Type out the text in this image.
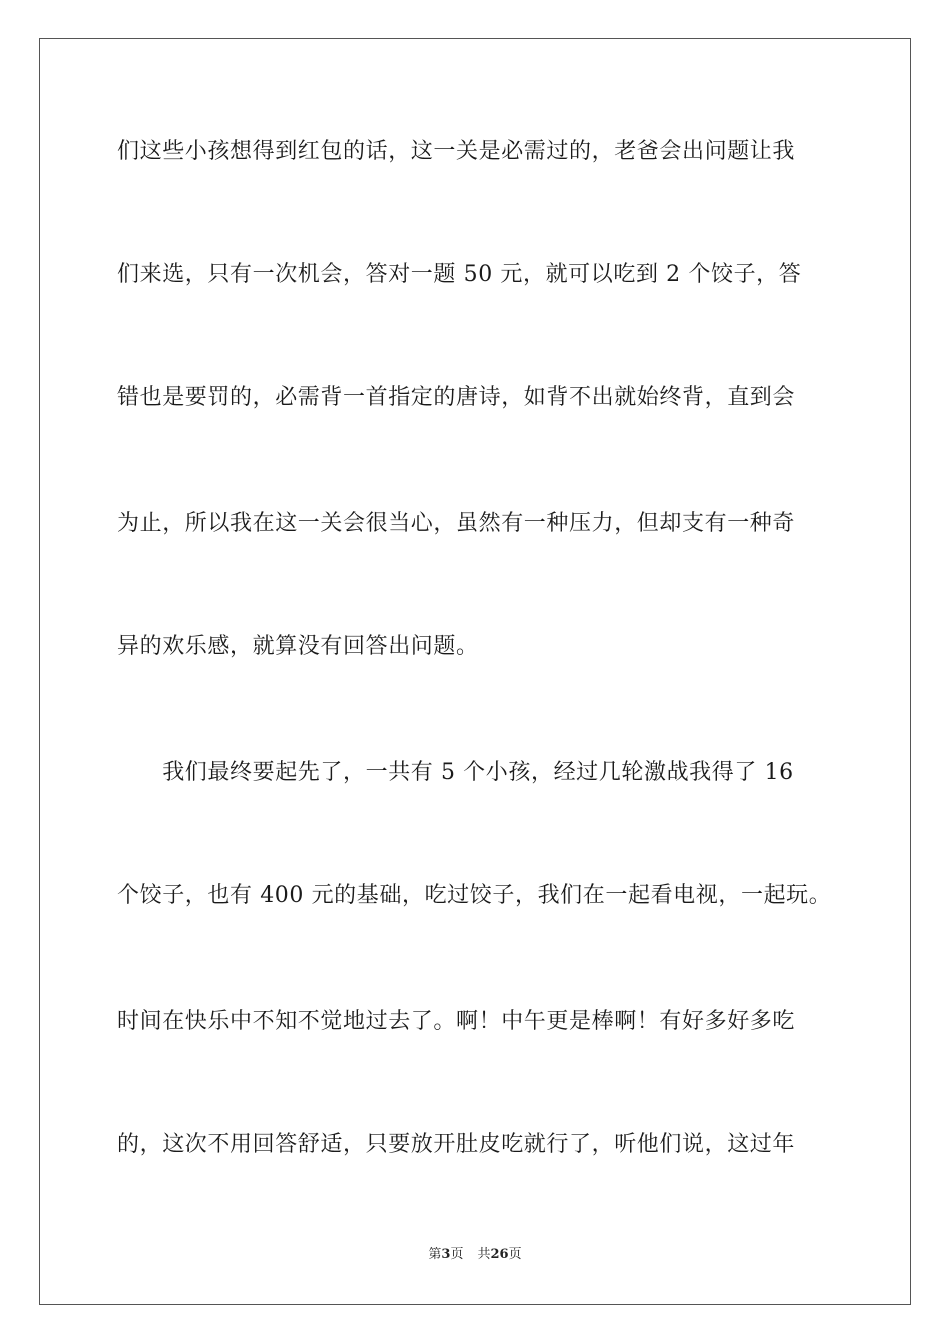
们这些小孩想得到红包的话，这一关是必需过的，老爸会出问题让我
们来选，只有一次机会，答对一题 50 元，就可以吃到 2 个饺子，答
错也是要罚的，必需背一首指定的唐诗，如背不出就始终背，直到会
为止，所以我在这一关会很当心，虽然有一种压力，但却支有一种奇
异的欢乐感，就算没有回答出问题。
　　我们最终要起先了，一共有 5 个小孩，经过几轮激战我得了 16
个饺子，也有 400 元的基础，吃过饺子，我们在一起看电视，一起玩。
时间在快乐中不知不觉地过去了。啊！中午更是棒啊！有好多好多吃
的，这次不用回答舒适，只要放开肚皮吃就行了，听他们说，这过年
第3页 共26页
